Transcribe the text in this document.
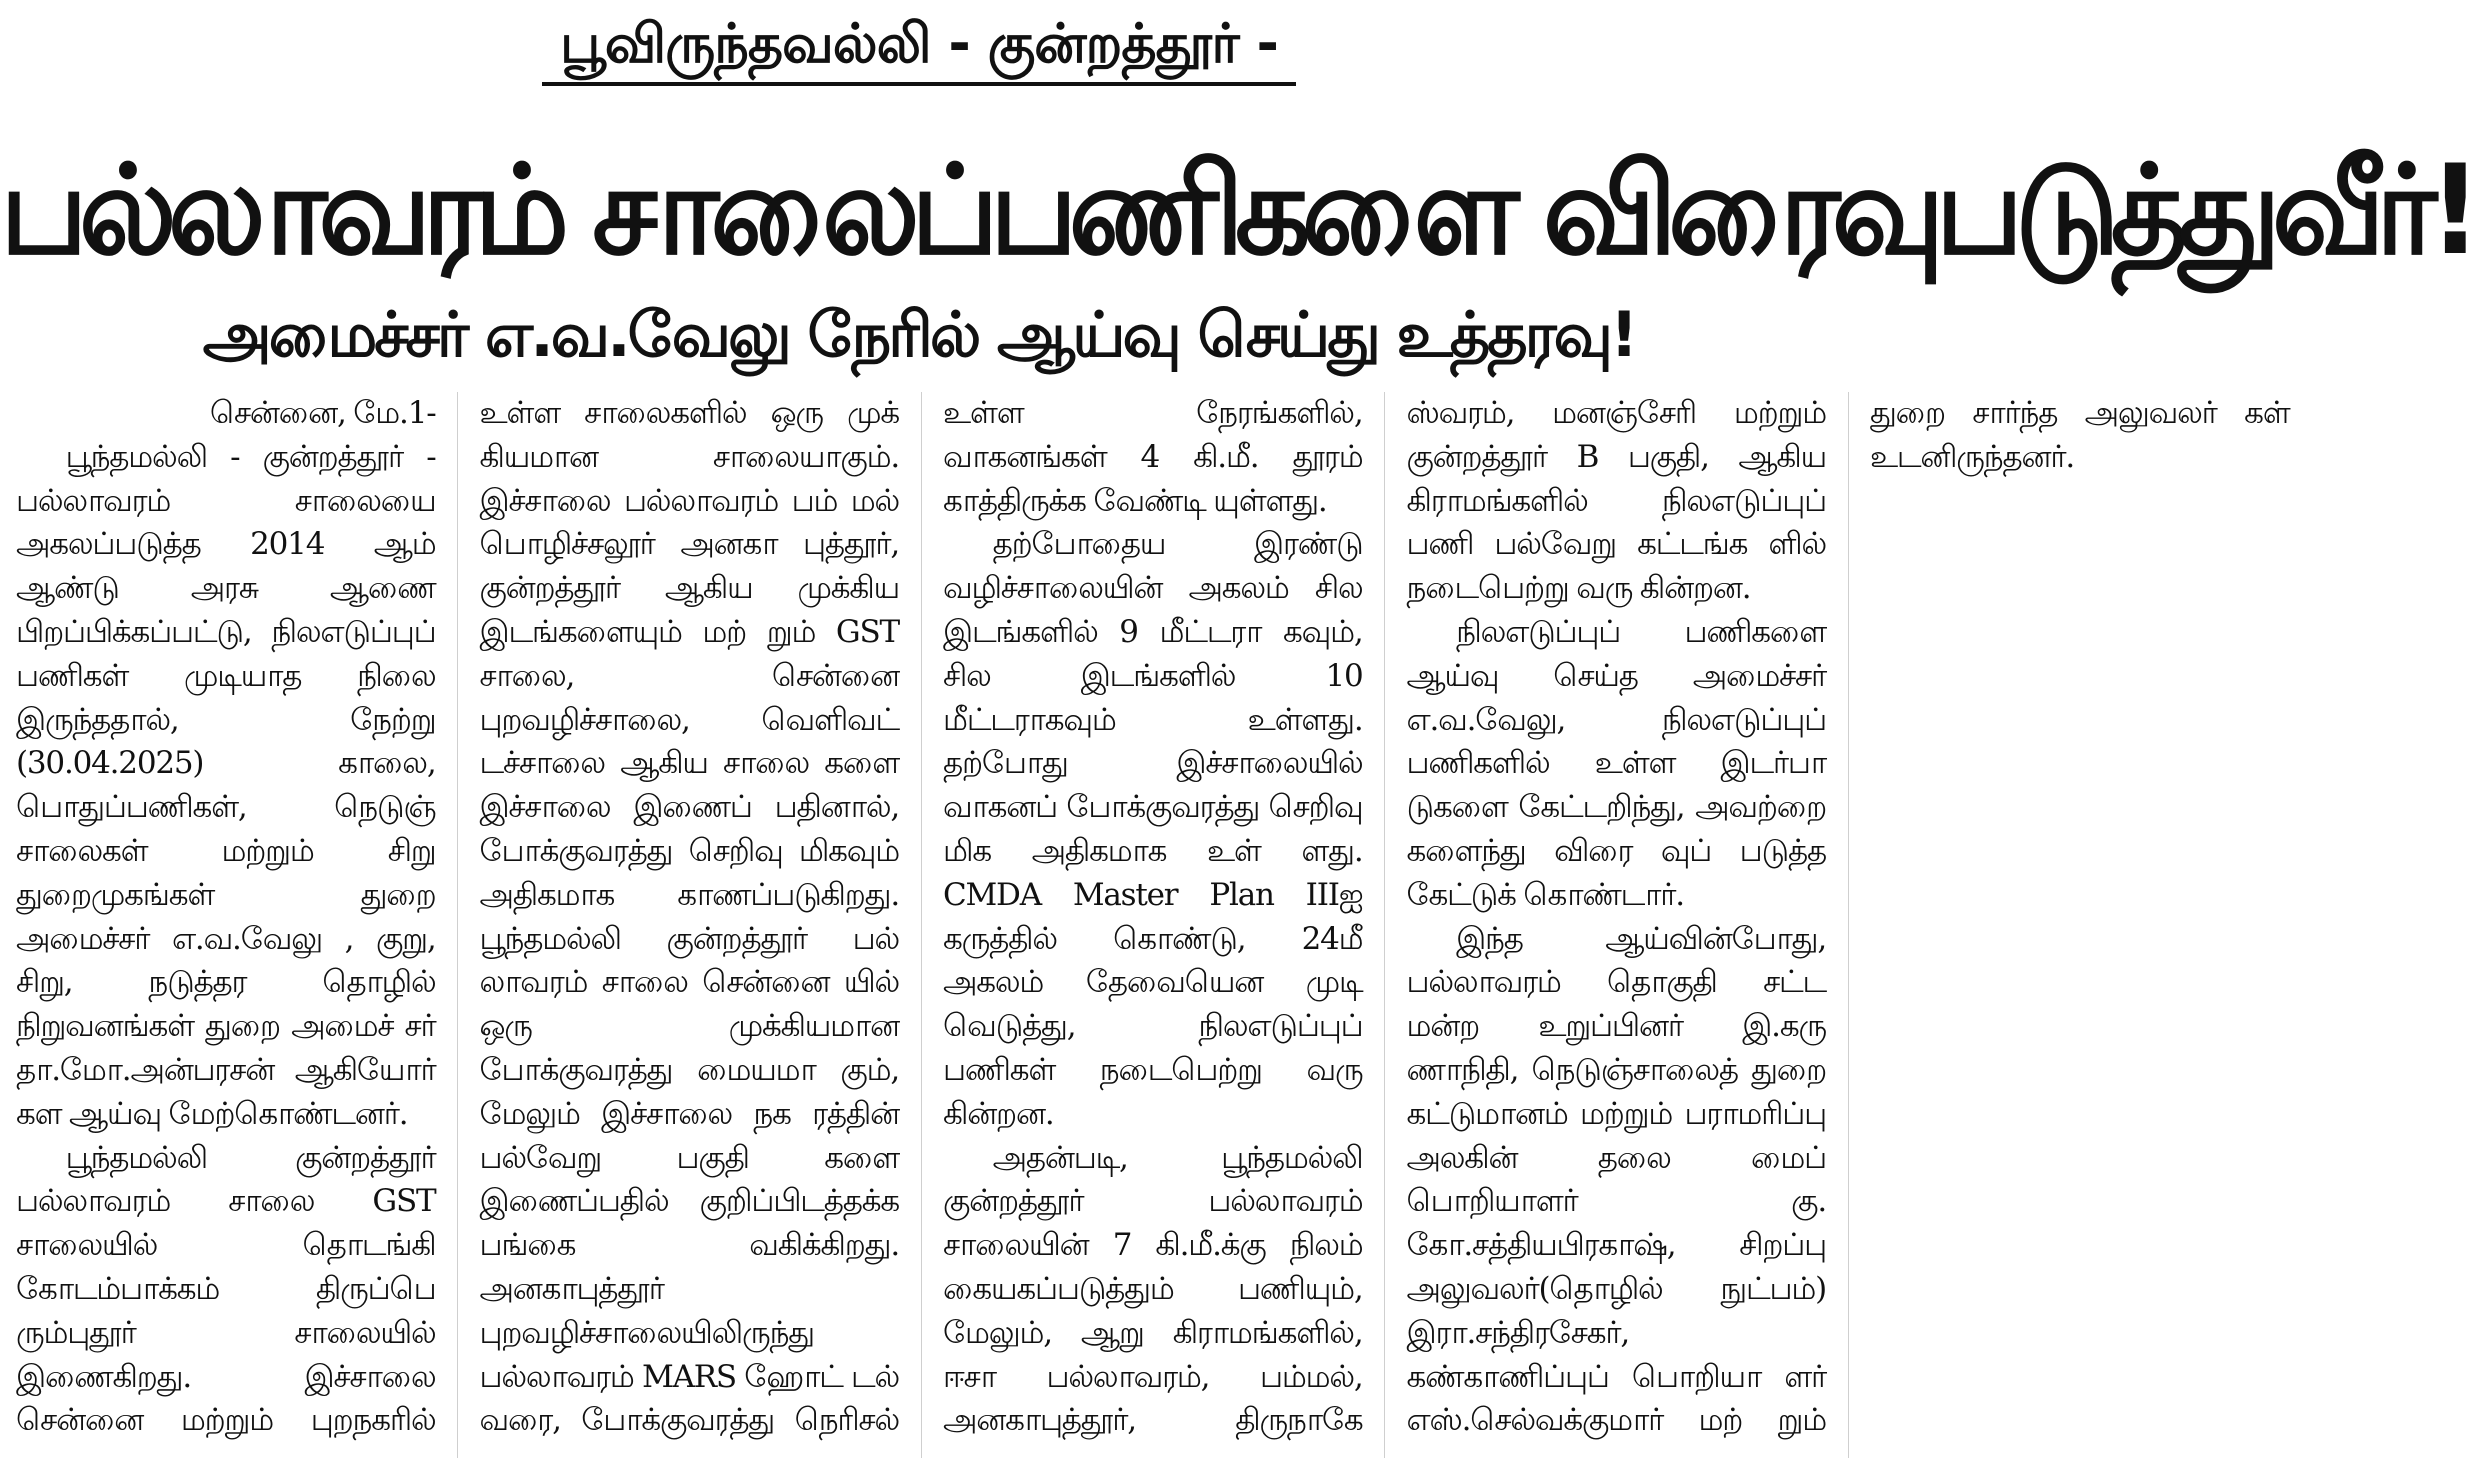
பூவிருந்தவல்லி - குன்றத்தூர் -
பல்லாவரம் சாலைப்பணிகளை விரைவுபடுத்துவீர்!
அமைச்சர் எ.வ.வேலு நேரில் ஆய்வு செய்து உத்தரவு!

சென்னை, மே.1-

பூந்தமல்லி - குன்றத்தூர் - பல்லாவரம் சாலையை அகலப்படுத்த 2014 ஆம் ஆண்டு அரசு ஆணை பிறப்பிக்கப்பட்டு, நிலஎடுப்புப் பணிகள் முடியாத நிலை இருந்ததால், நேற்று (30.04.2025) காலை, பொதுப்பணிகள், நெடுஞ் சாலைகள் மற்றும் சிறு துறைமுகங்கள் துறை அமைச்சர் எ.வ.வேலு , குறு, சிறு, நடுத்தர தொழில் நிறுவனங்கள் துறை அமைச் சர் தா.மோ.அன்பரசன் ஆகியோர் கள ஆய்வு மேற்கொண்டனர்.

பூந்தமல்லி குன்றத்தூர் பல்லாவரம் சாலை GST சாலையில் தொடங்கி கோடம்பாக்கம் திருப்பெ ரும்புதூர் சாலையில் இணைகிறது. இச்சாலை சென்னை மற்றும் புறநகரில் உள்ள சாலைகளில் ஒரு முக் கியமான சாலையாகும். இச்சாலை பல்லாவரம் பம் மல் பொழிச்சலூர் அனகா புத்தூர், குன்றத்தூர் ஆகிய முக்கிய இடங்களையும் மற் றும் GST சாலை, சென்னை புறவழிச்சாலை, வெளிவட் டச்சாலை ஆகிய சாலை களை இச்சாலை இணைப் பதினால், போக்குவரத்து செறிவு மிகவும் அதிகமாக காணப்படுகிறது. பூந்தமல்லி குன்றத்தூர் பல் லாவரம் சாலை சென்னை யில் ஒரு முக்கியமான போக்குவரத்து மையமா கும், மேலும் இச்சாலை நக ரத்தின் பல்வேறு பகுதி களை இணைப்பதில் குறிப்பிடத்தக்க பங்கை வகிக்கிறது. அனகாபுத்தூர் புறவழிச்சாலையிலிருந்து பல்லாவரம் MARS ஹோட் டல் வரை, போக்குவரத்து நெரிசல் உள்ள நேரங்களில், வாகனங்கள் 4 கி.மீ. தூரம் காத்திருக்க வேண்டி யுள்ளது.

தற்போதைய இரண்டு வழிச்சாலையின் அகலம் சில இடங்களில் 9 மீட்டரா கவும், சில இடங்களில் 10 மீட்டராகவும் உள்ளது. தற்போது இச்சாலையில் வாகனப் போக்குவரத்து செறிவு மிக அதிகமாக உள் ளது. CMDA Master Plan IIIஐ கருத்தில் கொண்டு, 24மீ அகலம் தேவையென முடி வெடுத்து, நிலஎடுப்புப் பணிகள் நடைபெற்று வரு கின்றன.

அதன்படி, பூந்தமல்லி குன்றத்தூர் பல்லாவரம் சாலையின் 7 கி.மீ.க்கு நிலம் கையகப்படுத்தும் பணியும், மேலும், ஆறு கிராமங்களில், ஈசா பல்லாவரம், பம்மல், அனகாபுத்தூர், திருநாகே ஸ்வரம், மனஞ்சேரி மற்றும் குன்றத்தூர் B பகுதி, ஆகிய கிராமங்களில் நிலஎடுப்புப் பணி பல்வேறு கட்டங்க ளில் நடைபெற்று வரு கின்றன.

நிலஎடுப்புப் பணிகளை ஆய்வு செய்த அமைச்சர் எ.வ.வேலு, நிலஎடுப்புப் பணிகளில் உள்ள இடர்பா டுகளை கேட்டறிந்து, அவற்றை களைந்து விரை வுப் படுத்த கேட்டுக் கொண்டார்.

இந்த ஆய்வின்போது, பல்லாவரம் தொகுதி சட்ட மன்ற உறுப்பினர் இ.கரு ணாநிதி, நெடுஞ்சாலைத் துறை கட்டுமானம் மற்றும் பராமரிப்பு அலகின் தலை மைப் பொறியாளர் கு. கோ.சத்தியபிரகாஷ், சிறப்பு அலுவலர்(தொழில் நுட்பம்) இரா.சந்திரசேகர், கண்காணிப்புப் பொறியா ளர் எஸ்.செல்வக்குமார் மற் றும் துறை சார்ந்த அலுவலர் கள் உடனிருந்தனர்.
